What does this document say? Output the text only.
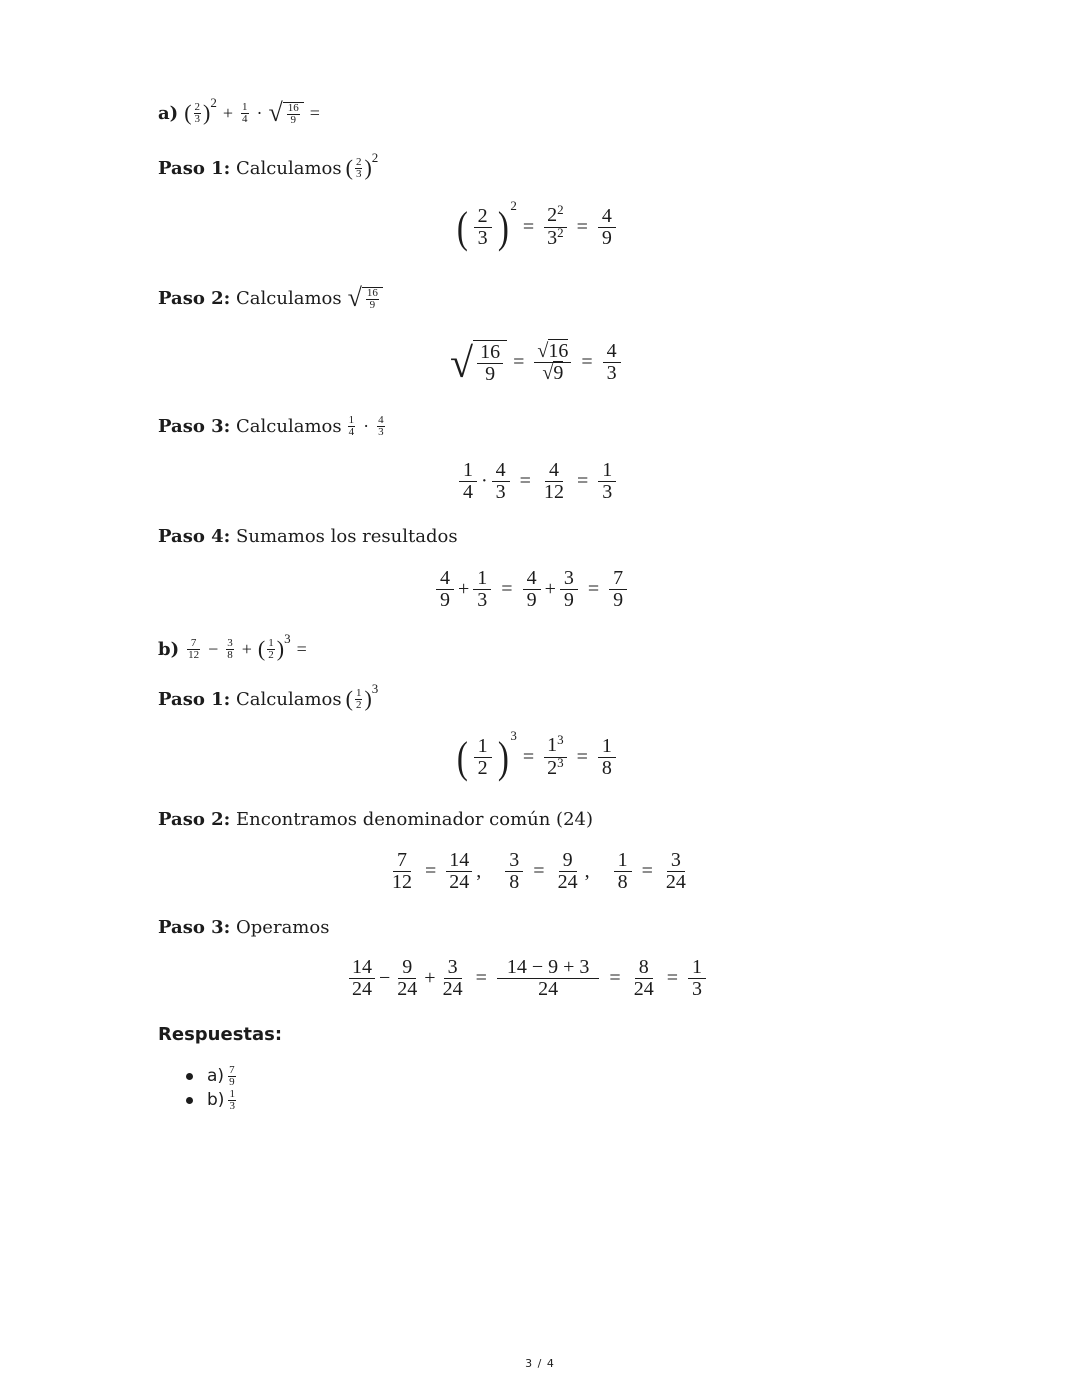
a) ( 2
3 ) $2 + \frac{1}{4}$ · √ $\frac{16}{9}$ =
Paso 1:
Calculamos ( 2
3 ) 2
( 2
3 ) 2
= $\frac{2^2}{3^2} = \frac{4}{9}$
Paso 2:
Calculamos √ $\frac{16}{9}$
√ $\frac{16}{9} = \frac{√16}{√9} = \frac{4}{3}$
Paso 3:
Calculamos 1
4 · 4
3
1
$4 \cdot \frac{4}{3} = \frac{4}{12} = \frac{1}{3}$
Paso 4: Sumamos los resultados
4
$9 + \frac{1}{3} = \frac{4}{9} + \frac{3}{9} = \frac{7}{9}$
b)	7
$12 - \frac{3}{8}$ + ( 1
2 ) 3 =
Paso 1:
Calculamos ( 1
2 ) 3
( 1
2 ) 3
= $\frac{1^3}{2^3} = \frac{1}{8}$
Paso 2: Encontramos denominador común (24)
$\frac{7}{12} = \frac{14}{24}$ , $\frac{3}{8} = \frac{9}{24}$ , $\frac{1}{8} = \frac{3}{24}$
Paso 3: Operamos
14
$24 - \frac{9}{24} + \frac{3}{24} = \frac{14 - 9 + 3}{24} = \frac{8}{24} = \frac{1}{3}$
Respuestas:
a) 7
9
b) 1
3
3 / 4
